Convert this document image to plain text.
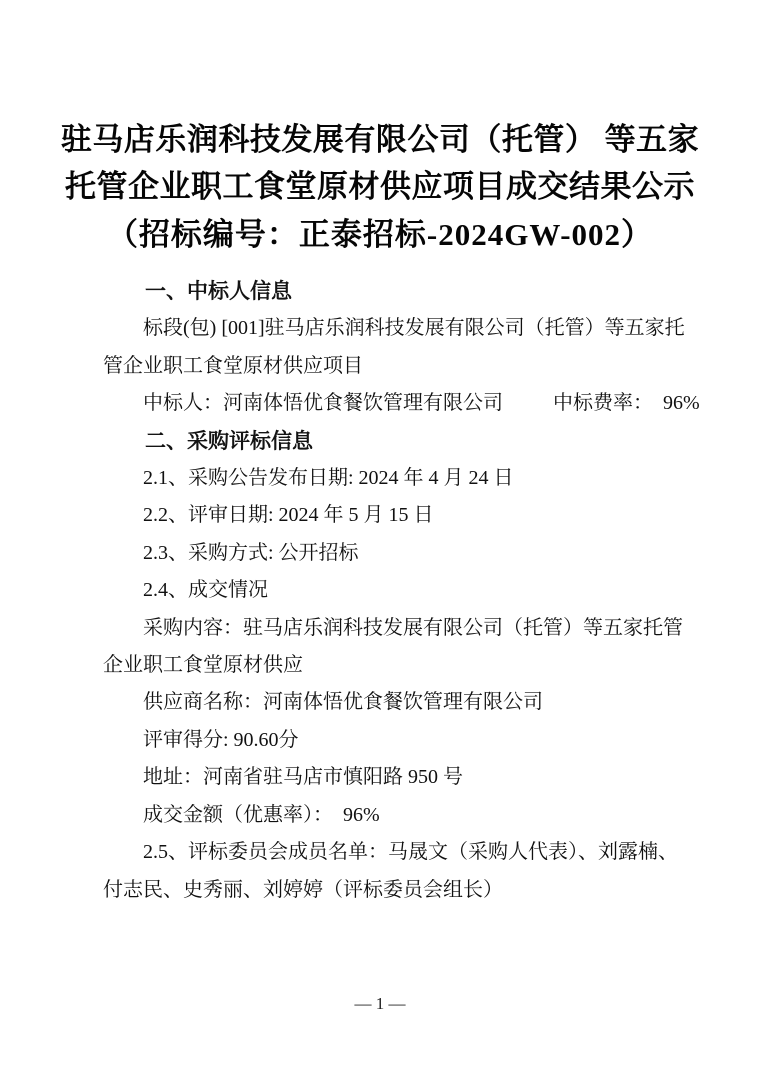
驻马店乐润科技发展有限公司（托管） 等五家
托管企业职工食堂原材供应项目成交结果公示
（招标编号：正泰招标-2024GW-002）
一、中标人信息
标段(包) [001]驻马店乐润科技发展有限公司（托管）等五家托
管企业职工食堂原材供应项目
中标人：河南体悟优食餐饮管理有限公司　　  中标费率：  96%
二、采购评标信息
2.1、采购公告发布日期: 2024 年 4 月 24 日
2.2、评审日期: 2024 年 5 月 15 日
2.3、采购方式: 公开招标
2.4、成交情况
采购内容：驻马店乐润科技发展有限公司（托管）等五家托管
企业职工食堂原材供应
供应商名称：河南体悟优食餐饮管理有限公司
评审得分: 90.60分
地址：河南省驻马店市慎阳路 950 号
成交金额（优惠率）：  96%
2.5、评标委员会成员名单：马晟文（采购人代表）、刘露楠、
付志民、史秀丽、刘婷婷（评标委员会组长）
— 1 —
